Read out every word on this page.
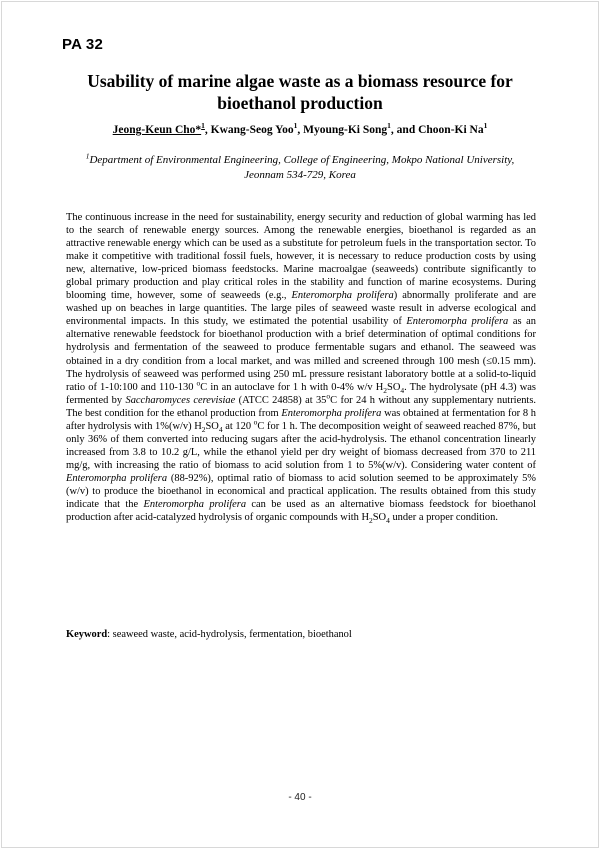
PA 32
Usability of marine algae waste as a biomass resource for bioethanol production
Jeong-Keun Cho*$^1$, Kwang-Seog Yoo$^1$, Myoung-Ki Song$^1$, and Choon-Ki Na$^1$
$^1$Department of Environmental Engineering, College of Engineering, Mokpo National University,
Jeonnam 534-729, Korea

The continuous increase in the need for sustainability, energy security and reduction of global warming has led to the search of renewable energy sources. Among the renewable energies, bioethanol is regarded as an attractive renewable energy which can be used as a substitute for petroleum fuels in the transportation sector. To make it competitive with traditional fossil fuels, however, it is necessary to reduce production costs by using new, alternative, low-priced biomass feedstocks. Marine macroalgae (seaweeds) contribute significantly to global primary production and play critical roles in the stability and function of marine ecosystems. During blooming time, however, some of seaweeds (e.g., Enteromorpha prolifera) abnormally proliferate and are washed up on beaches in large quantities. The large piles of seaweed waste result in adverse ecological and environmental impacts. In this study, we estimated the potential usability of Enteromorpha prolifera as an alternative renewable feedstock for bioethanol production with a brief determination of optimal conditions for hydrolysis and fermentation of the seaweed to produce fermentable sugars and ethanol. The seaweed was obtained in a dry condition from a local market, and was milled and screened through 100 mesh (≤0.15 mm). The hydrolysis of seaweed was performed using 250 mL pressure resistant laboratory bottle at a solid-to-liquid ratio of 1-10:100 and 110-130 $^o$C in an autoclave for 1 h with 0-4% w/v $H_2SO_4$. The hydrolysate (pH 4.3) was fermented by Saccharomyces cerevisiae (ATCC 24858) at 35$^o$C for 24 h without any supplementary nutrients. The best condition for the ethanol production from Enteromorpha prolifera was obtained at fermentation for 8 h after hydrolysis with 1%(w/v) $H_2SO_4$ at 120 $^o$C for 1 h. The decomposition weight of seaweed reached 87%, but only 36% of them converted into reducing sugars after the acid-hydrolysis. The ethanol concentration linearly increased from 3.8 to 10.2 g/L, while the ethanol yield per dry weight of biomass decreased from 370 to 211 mg/g, with increasing the ratio of biomass to acid solution from 1 to 5%(w/v). Considering water content of Enteromorpha prolifera (88-92%), optimal ratio of biomass to acid solution seemed to be approximately 5%(w/v) to produce the bioethanol in economical and practical application. The results obtained from this study indicate that the Enteromorpha prolifera can be used as an alternative biomass feedstock for bioethanol production after acid-catalyzed hydrolysis of organic compounds with $H_2SO_4$ under a proper condition.

Keyword: seaweed waste, acid-hydrolysis, fermentation, bioethanol

- 40 -
